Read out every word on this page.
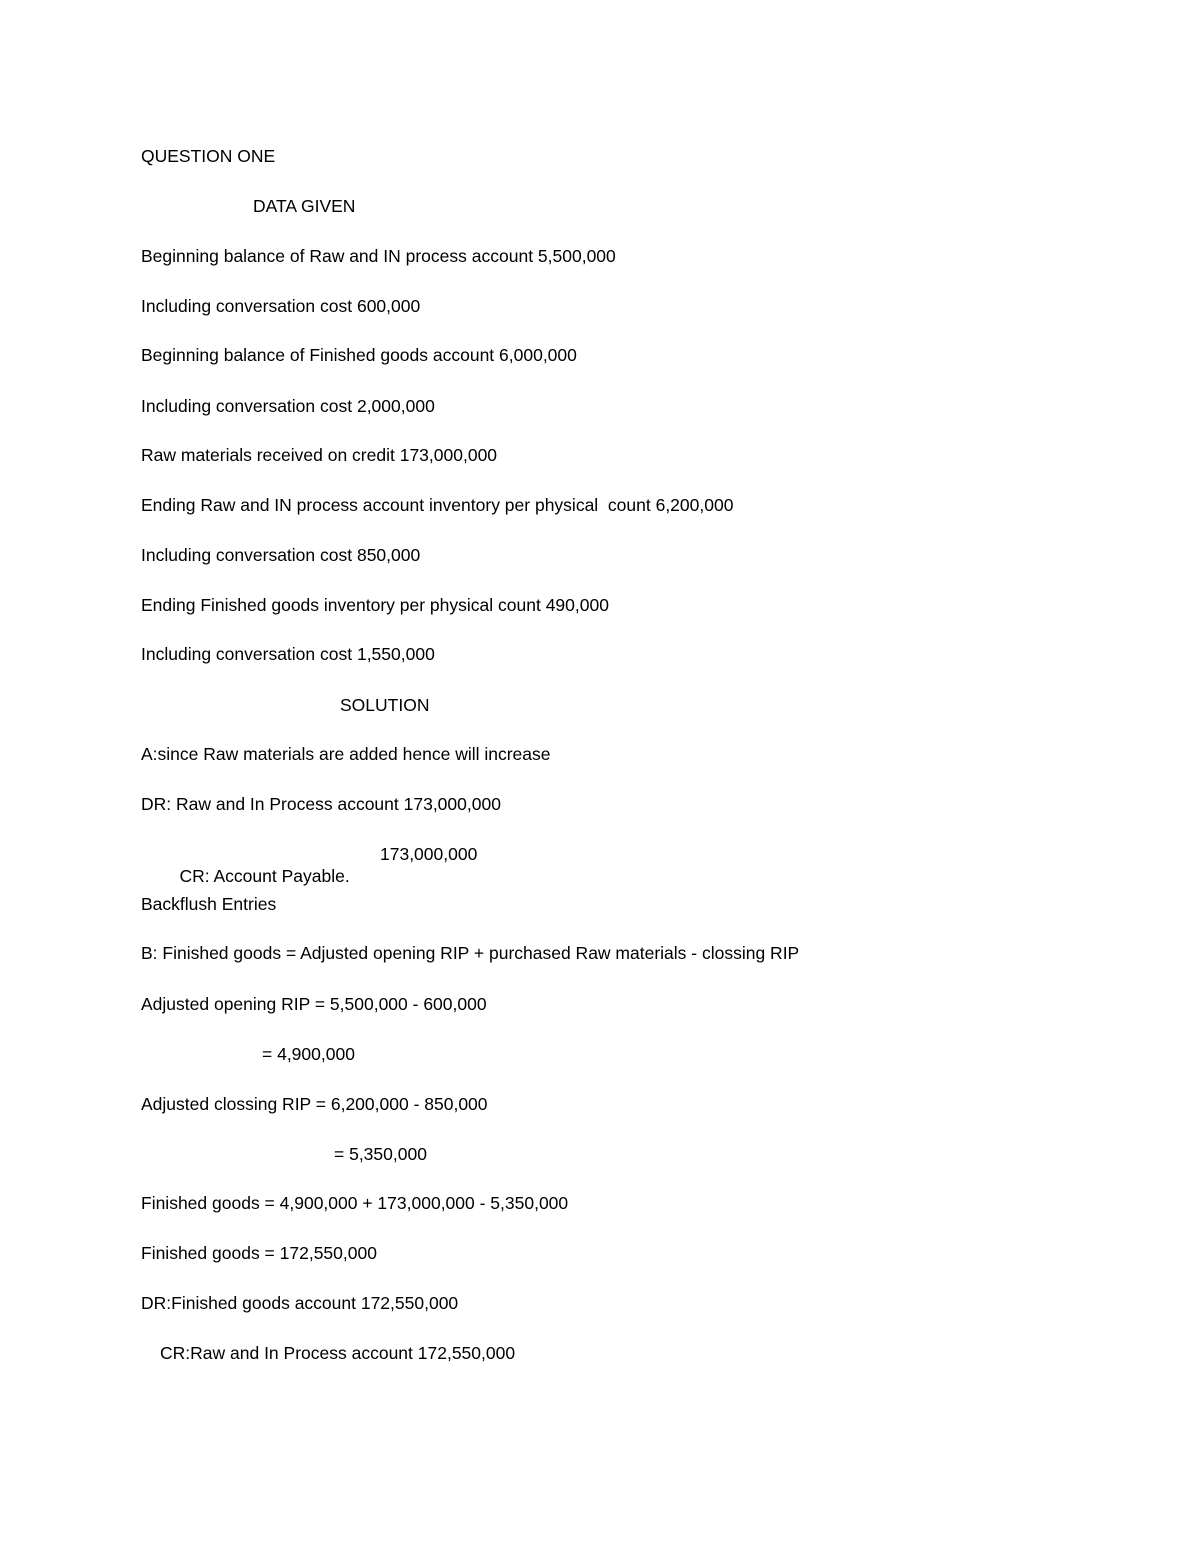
QUESTION ONE
DATA GIVEN
Beginning balance of Raw and IN process account 5,500,000
Including conversation cost 600,000
Beginning balance of Finished goods account 6,000,000
Including conversation cost 2,000,000
Raw materials received on credit 173,000,000
Ending Raw and IN process account inventory per physical  count 6,200,000
Including conversation cost 850,000
Ending Finished goods inventory per physical count 490,000
Including conversation cost 1,550,000
SOLUTION
A:since Raw materials are added hence will increase
DR: Raw and In Process account 173,000,000

CR: Account Payable.

173,000,000

Backflush Entries
B: Finished goods = Adjusted opening RIP + purchased Raw materials - clossing RIP
Adjusted opening RIP = 5,500,000 - 600,000
= 4,900,000
Adjusted clossing RIP = 6,200,000 - 850,000
= 5,350,000
Finished goods = 4,900,000 + 173,000,000 - 5,350,000
Finished goods = 172,550,000
DR:Finished goods account 172,550,000
CR:Raw and In Process account 172,550,000
